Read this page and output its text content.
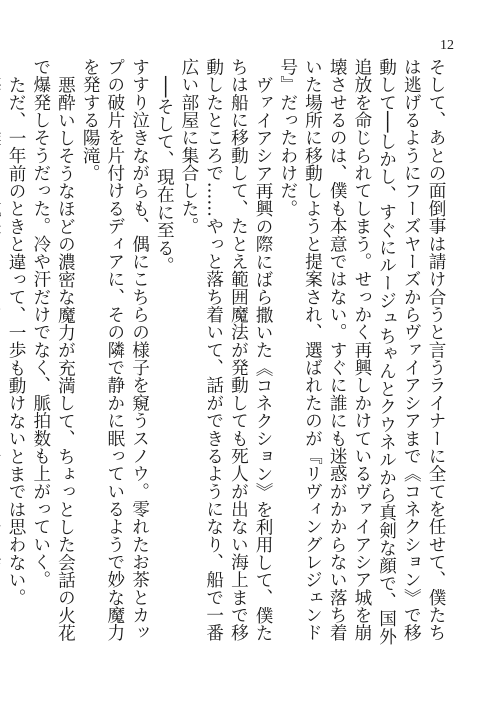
12

そして、あとの面倒事は請け合うと言うライナーに全てを任せて、僕たちは逃げるようにフーズヤーズからヴァイアシアまで《コネクション》で移動して──しかし、すぐにルージュちゃんとクウネルから真剣な顔で、国外追放を命じられてしまう。せっかく再興しかけているヴァイアシア城を崩壊させるのは、僕も本意ではない。すぐに誰にも迷惑がかからない落ち着いた場所に移動しようと提案され、選ばれたのが『リヴィングレジェンド号』だったわけだ。

ヴァイアシア再興の際にばら撒いた《コネクション》を利用して、僕たちは船に移動して、たとえ範囲魔法が発動しても死人が出ない海上まで移動したところで……やっと落ち着いて、話ができるようになり、船で一番広い部屋に集合した。

──そして、現在に至る。

すすり泣きながらも、偶にこちらの様子を窺うスノウ。零れたお茶とカップの破片を片付けるディアに、その隣で静かに眠っているようで妙な魔力を発する陽滝。

悪酔いしそうなほどの濃密な魔力が充満して、ちょっとした会話の火花で爆発しそうだった。冷や汗だけでなく、脈拍数も上がっていく。

ただ、一年前のときと違って、一歩も動けないとまでは思わない。
